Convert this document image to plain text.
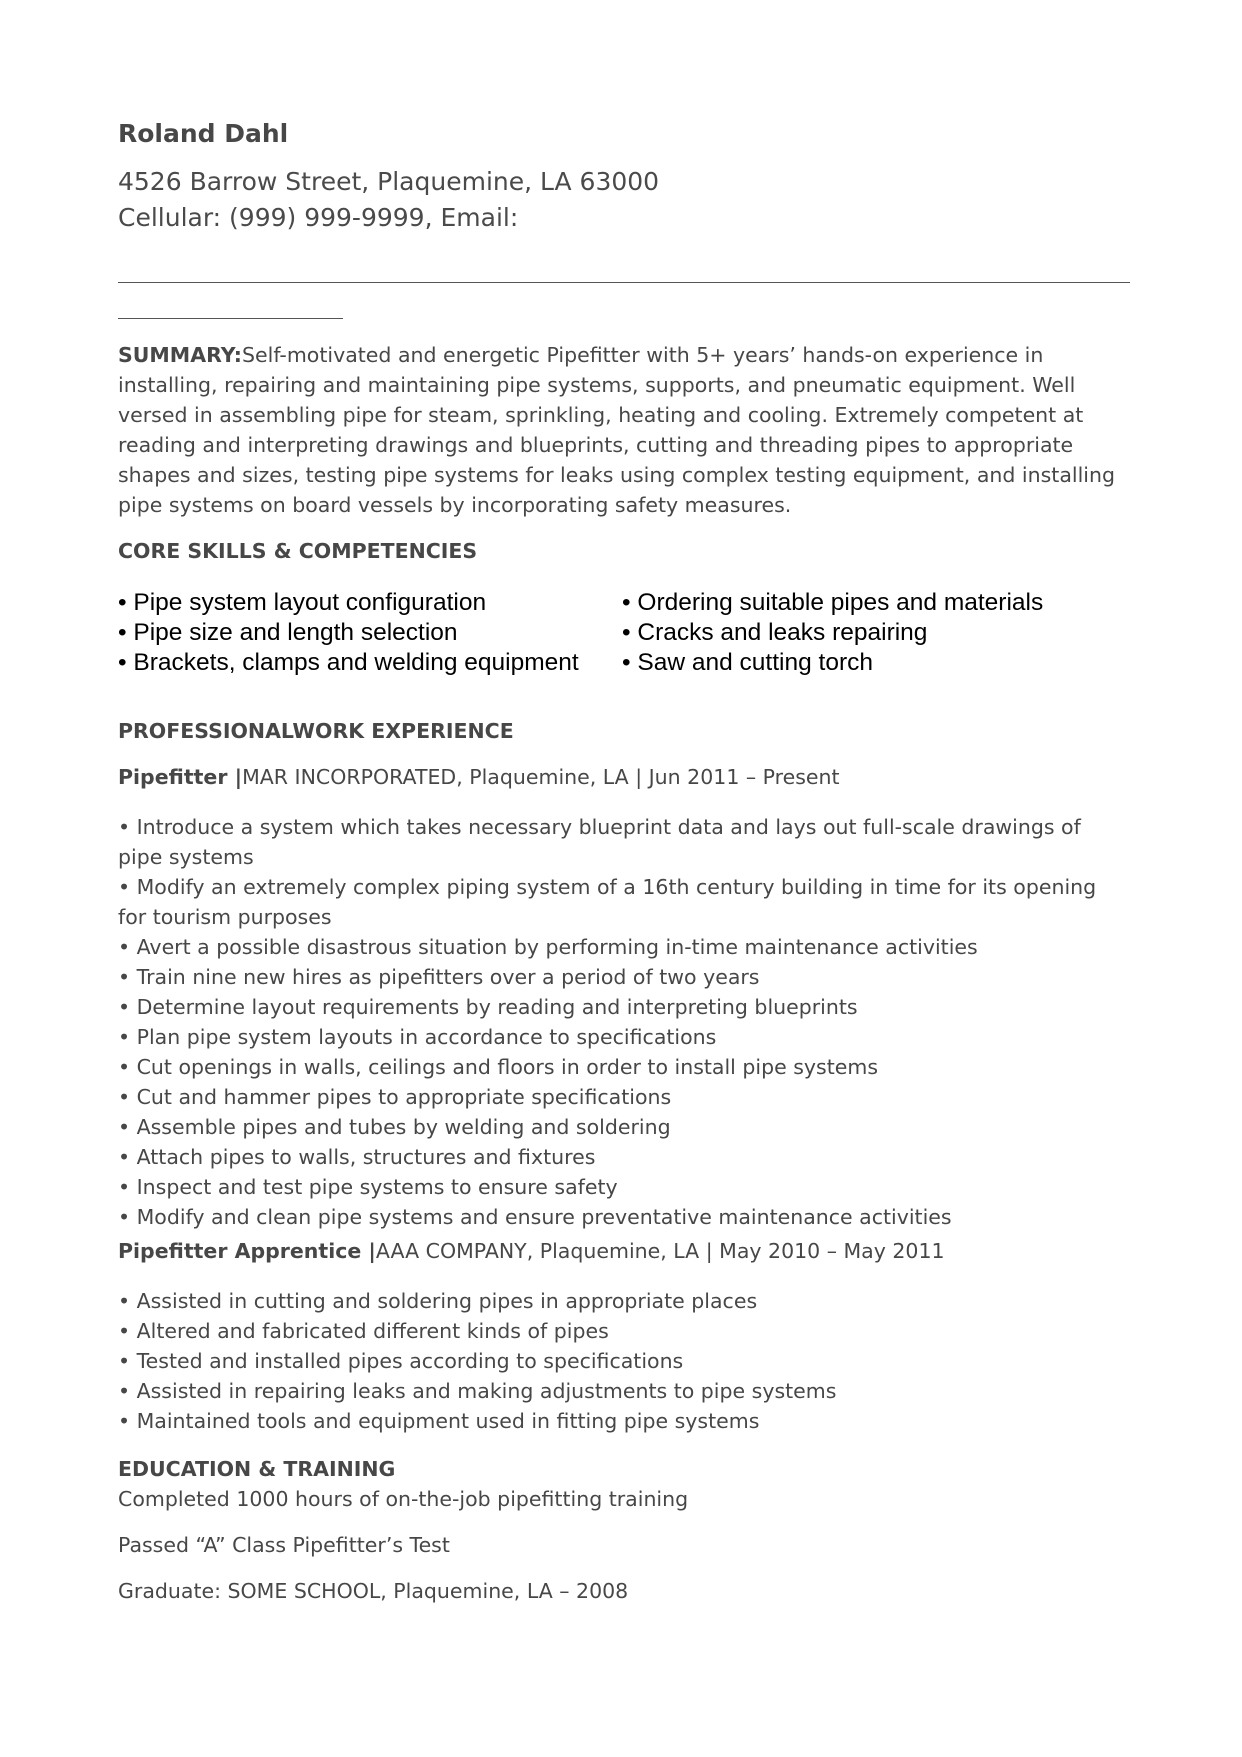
Roland Dahl
4526 Barrow Street, Plaquemine, LA 63000
Cellular: (999) 999-9999, Email:
SUMMARY:Self-motivated and energetic Pipefitter with 5+ years’ hands-on experience in installing, repairing and maintaining pipe systems, supports, and pneumatic equipment. Well versed in assembling pipe for steam, sprinkling, heating and cooling. Extremely competent at reading and interpreting drawings and blueprints, cutting and threading pipes to appropriate shapes and sizes, testing pipe systems for leaks using complex testing equipment, and installing pipe systems on board vessels by incorporating safety measures.
CORE SKILLS & COMPETENCIES
• Pipe system layout configuration
• Pipe size and length selection
• Brackets, clamps and welding equipment
• Ordering suitable pipes and materials
• Cracks and leaks repairing
• Saw and cutting torch
PROFESSIONALWORK EXPERIENCE
Pipefitter |MAR INCORPORATED, Plaquemine, LA | Jun 2011 – Present
• Introduce a system which takes necessary blueprint data and lays out full-scale drawings of pipe systems
• Modify an extremely complex piping system of a 16th century building in time for its opening for tourism purposes
• Avert a possible disastrous situation by performing in-time maintenance activities
• Train nine new hires as pipefitters over a period of two years
• Determine layout requirements by reading and interpreting blueprints
• Plan pipe system layouts in accordance to specifications
• Cut openings in walls, ceilings and floors in order to install pipe systems
• Cut and hammer pipes to appropriate specifications
• Assemble pipes and tubes by welding and soldering
• Attach pipes to walls, structures and fixtures
• Inspect and test pipe systems to ensure safety
• Modify and clean pipe systems and ensure preventative maintenance activities
Pipefitter Apprentice |AAA COMPANY, Plaquemine, LA | May 2010 – May 2011
• Assisted in cutting and soldering pipes in appropriate places
• Altered and fabricated different kinds of pipes
• Tested and installed pipes according to specifications
• Assisted in repairing leaks and making adjustments to pipe systems
• Maintained tools and equipment used in fitting pipe systems
EDUCATION & TRAINING
Completed 1000 hours of on-the-job pipefitting training
Passed “A” Class Pipefitter’s Test
Graduate: SOME SCHOOL, Plaquemine, LA – 2008
